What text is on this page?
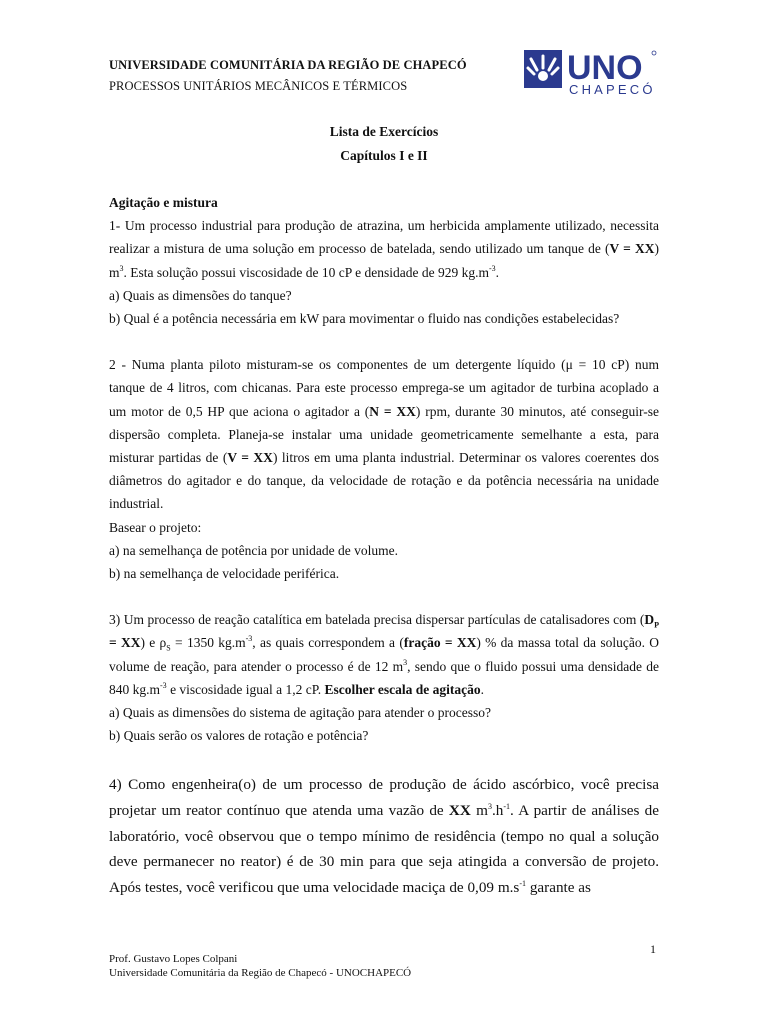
UNIVERSIDADE COMUNITÁRIA DA REGIÃO DE CHAPECÓ
PROCESSOS UNITÁRIOS MECÂNICOS E TÉRMICOS	UNO
CHAPECÓ
Lista de Exercícios
Capítulos I e II

Agitação e mistura

1- Um processo industrial para produção de atrazina, um herbicida amplamente utilizado, necessita realizar a mistura de uma solução em processo de batelada, sendo utilizado um tanque de (V = XX) $m^3$. Esta solução possui viscosidade de 10 cP e densidade de 929 $kg.m^{-3}$.

a) Quais as dimensões do tanque?

b) Qual é a potência necessária em kW para movimentar o fluido nas condições estabelecidas?

2 - Numa planta piloto misturam-se os componentes de um detergente líquido (μ = 10 cP) num tanque de 4 litros, com chicanas. Para este processo emprega-se um agitador de turbina acoplado a um motor de 0,5 HP que aciona o agitador a (N = XX) rpm, durante 30 minutos, até conseguir-se dispersão completa. Planeja-se instalar uma unidade geometricamente semelhante a esta, para misturar partidas de (V = XX) litros em uma planta industrial. Determinar os valores coerentes dos diâmetros do agitador e do tanque, da velocidade de rotação e da potência necessária na unidade industrial.

Basear o projeto:

a) na semelhança de potência por unidade de volume.

b) na semelhança de velocidade periférica.

3) Um processo de reação catalítica em batelada precisa dispersar partículas de catalisadores com $(D_P = XX)$ e $\rho_S = 1350$ $kg.m^{-3}$, as quais correspondem a (fração = XX) % da massa total da solução. O volume de reação, para atender o processo é de 12 $m^3$, sendo que o fluido possui uma densidade de 840 $kg.m^{-3}$ e viscosidade igual a 1,2 cP. Escolher escala de agitação.

a) Quais as dimensões do sistema de agitação para atender o processo?

b) Quais serão os valores de rotação e potência?

4) Como engenheira(o) de um processo de produção de ácido ascórbico, você precisa projetar um reator contínuo que atenda uma vazão de XX $m^3.h^{-1}$. A partir de análises de laboratório, você observou que o tempo mínimo de residência (tempo no qual a solução deve permanecer no reator) é de 30 min para que seja atingida a conversão de projeto. Após testes, você verificou que uma velocidade maciça de 0,09 $m.s^{-1}$ garante as

1
Prof. Gustavo Lopes Colpani
Universidade Comunitária da Região de Chapecó - UNOCHAPECÓ
